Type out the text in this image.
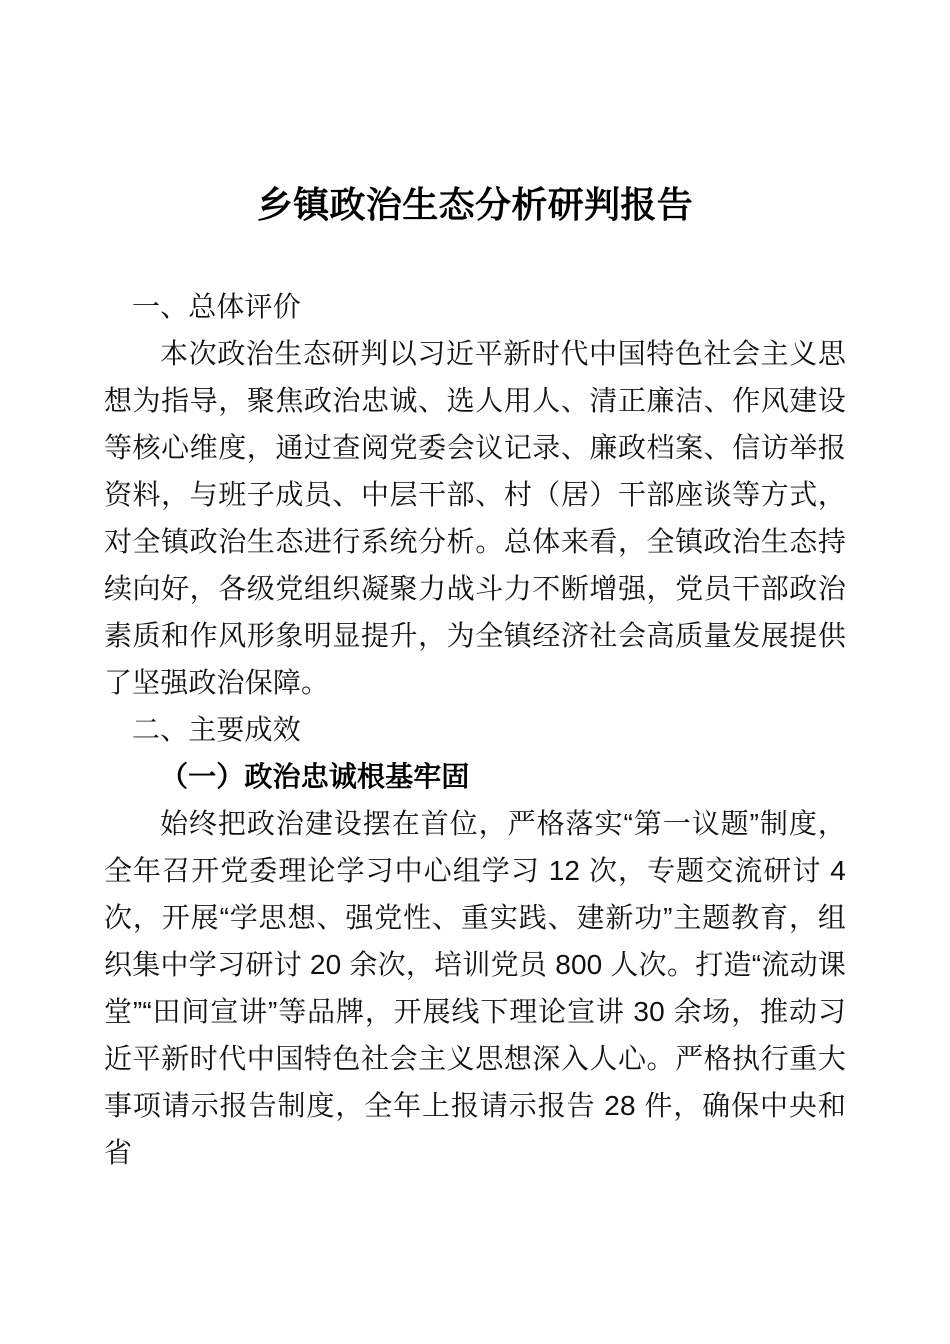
乡镇政治生态分析研判报告
一、总体评价

本次政治生态研判以习近平新时代中国特色社会主义思想为指导，聚焦政治忠诚、选人用人、清正廉洁、作风建设等核心维度，通过查阅党委会议记录、廉政档案、信访举报资料，与班子成员、中层干部、村（居）干部座谈等方式，对全镇政治生态进行系统分析。总体来看，全镇政治生态持续向好，各级党组织凝聚力战斗力不断增强，党员干部政治素质和作风形象明显提升，为全镇经济社会高质量发展提供了坚强政治保障。

二、主要成效
（一）政治忠诚根基牢固

始终把政治建设摆在首位，严格落实“第一议题”制度，全年召开党委理论学习中心组学习 12 次，专题交流研讨 4 次，开展“学思想、强党性、重实践、建新功”主题教育，组织集中学习研讨 20 余次，培训党员 800 人次。打造“流动课堂”“田间宣讲”等品牌，开展线下理论宣讲 30 余场，推动习近平新时代中国特色社会主义思想深入人心。严格执行重大事项请示报告制度，全年上报请示报告 28 件，确保中央和省
